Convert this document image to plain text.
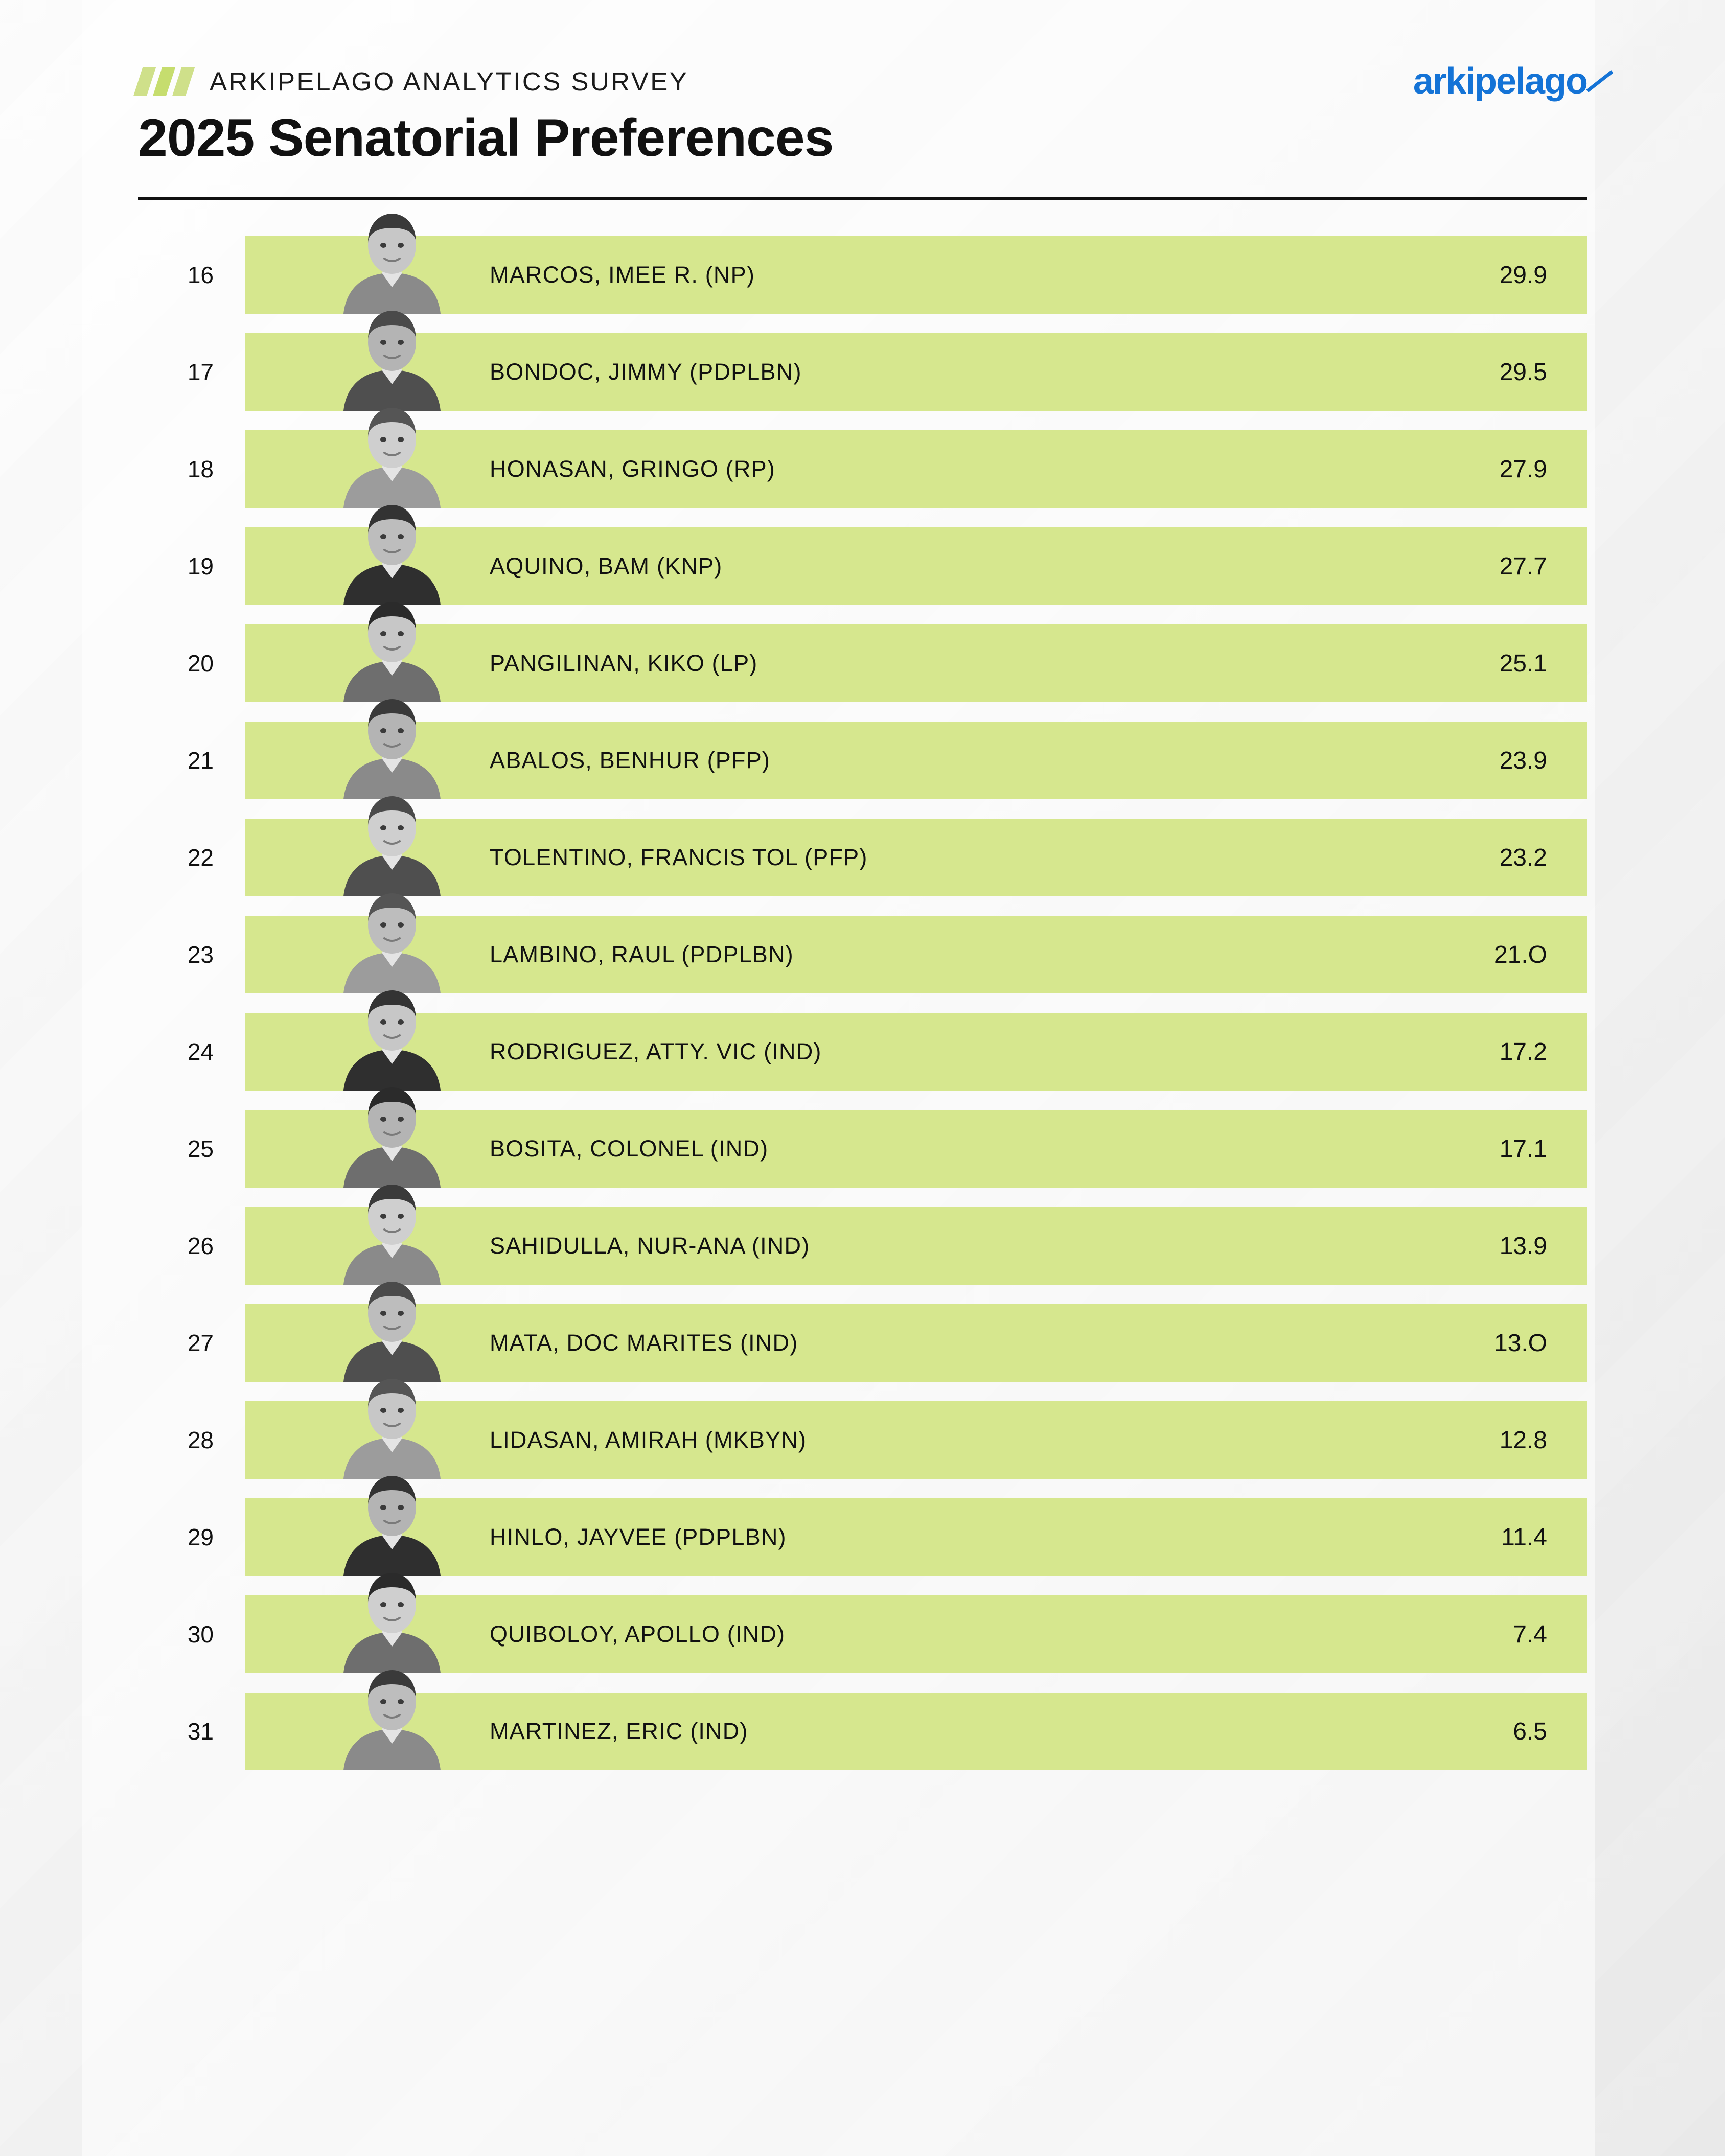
ARKIPELAGO ANALYTICS SURVEY
2025 Senatorial Preferences
arkipelago
16	MARCOS, IMEE R. (NP)	29.9
17	BONDOC, JIMMY (PDPLBN)	29.5
18	HONASAN, GRINGO (RP)	27.9
19	AQUINO, BAM (KNP)	27.7
20	PANGILINAN, KIKO (LP)	25.1
21	ABALOS, BENHUR (PFP)	23.9
22	TOLENTINO, FRANCIS TOL (PFP)	23.2
23	LAMBINO, RAUL (PDPLBN)	21.O
24	RODRIGUEZ, ATTY. VIC (IND)	17.2
25	BOSITA, COLONEL (IND)	17.1
26	SAHIDULLA, NUR-ANA (IND)	13.9
27	MATA, DOC MARITES (IND)	13.O
28	LIDASAN, AMIRAH (MKBYN)	12.8
29	HINLO, JAYVEE (PDPLBN)	11.4
30	QUIBOLOY, APOLLO (IND)	7.4
31	MARTINEZ, ERIC (IND)	6.5
